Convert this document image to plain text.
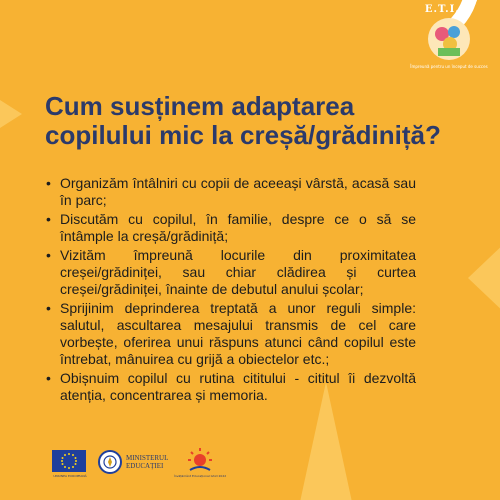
E.T.I.C.
Împreună pentru un început de succes
Cum susținem adaptarea copilului mic la creșă/grădiniță?
• Organizăm întâlniri cu copii de aceeași vârstă, acasă sau în parc;
• Discutăm cu copilul, în familie, despre ce o să se întâmple la creșă/grădiniță;
• Vizităm împreună locurile din proximitatea creșei/grădiniței, sau chiar clădirea și curtea creșei/grădiniței, înainte de debutul anului școlar;
• Sprijinim deprinderea treptată a unor reguli simple: salutul, ascultarea mesajului transmis de cel care vorbește, oferirea unui răspuns atunci când copilul este întrebat, mânuirea cu grijă a obiectelor etc.;
• Obișnuim copilul cu rutina cititului - cititul îi dezvoltă atenția, concentrarea și memoria.
UNIUNEA EUROPEANĂ
MINISTERUL
EDUCAȚIEI
Învățământ Educațional Ghid 2022
